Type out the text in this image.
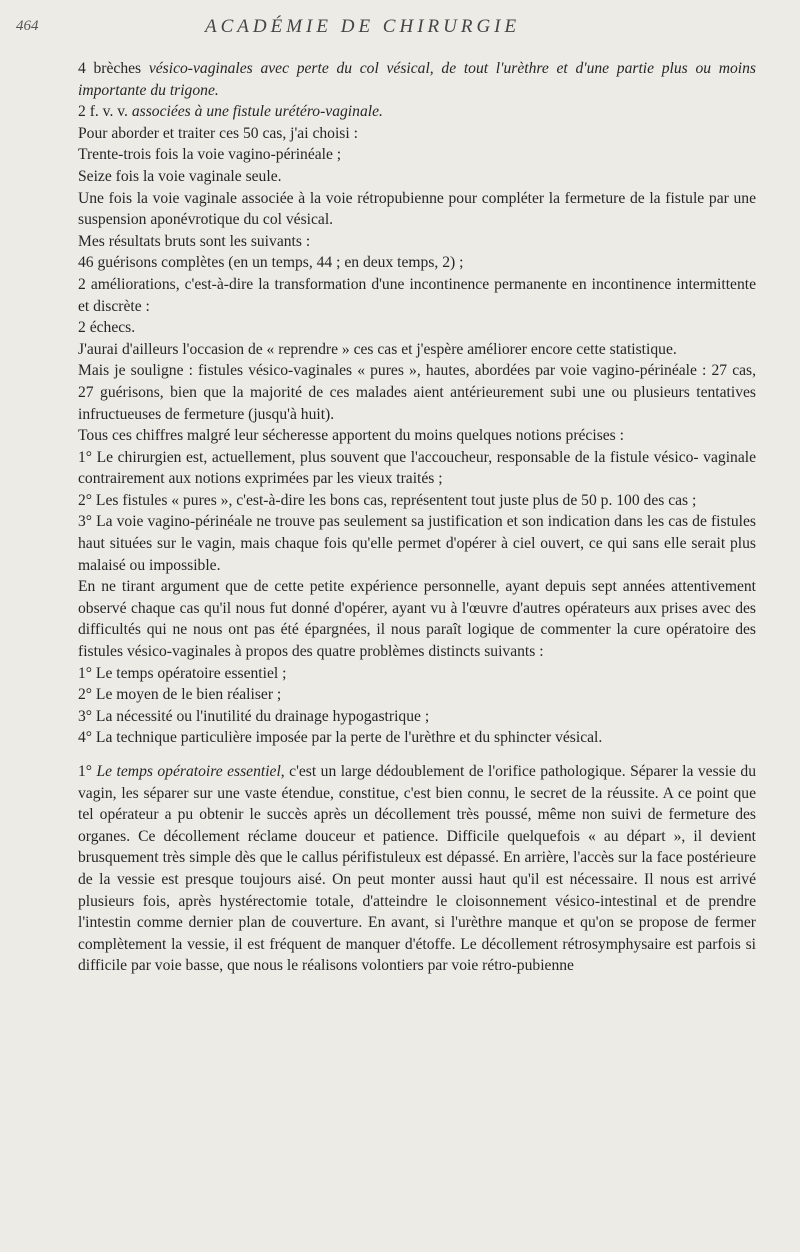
464	ACADÉMIE DE CHIRURGIE

4 brèches vésico-vaginales avec perte du col vésical, de tout l'urèthre et d'une partie plus ou moins importante du trigone.

2 f. v. v. associées à une fistule urétéro-vaginale.

Pour aborder et traiter ces 50 cas, j'ai choisi :

Trente-trois fois la voie vagino-périnéale ;

Seize fois la voie vaginale seule.

Une fois la voie vaginale associée à la voie rétropubienne pour compléter la fermeture de la fistule par une suspension aponévrotique du col vésical.

Mes résultats bruts sont les suivants :

46 guérisons complètes (en un temps, 44 ; en deux temps, 2) ;

2 améliorations, c'est-à-dire la transformation d'une incontinence permanente en incontinence intermittente et discrète :

2 échecs.

J'aurai d'ailleurs l'occasion de « reprendre » ces cas et j'espère améliorer encore cette statistique.

Mais je souligne : fistules vésico-vaginales « pures », hautes, abordées par voie vagino-périnéale : 27 cas, 27 guérisons, bien que la majorité de ces malades aient antérieurement subi une ou plusieurs tentatives infructueuses de fermeture (jusqu'à huit).

Tous ces chiffres malgré leur sécheresse apportent du moins quelques notions précises :

1° Le chirurgien est, actuellement, plus souvent que l'accoucheur, responsable de la fistule vésico- vaginale contrairement aux notions exprimées par les vieux traités ;

2° Les fistules « pures », c'est-à-dire les bons cas, représentent tout juste plus de 50 p. 100 des cas ;

3° La voie vagino-périnéale ne trouve pas seulement sa justification et son indication dans les cas de fistules haut situées sur le vagin, mais chaque fois qu'elle permet d'opérer à ciel ouvert, ce qui sans elle serait plus malaisé ou impossible.

En ne tirant argument que de cette petite expérience personnelle, ayant depuis sept années attentivement observé chaque cas qu'il nous fut donné d'opérer, ayant vu à l'œuvre d'autres opérateurs aux prises avec des difficultés qui ne nous ont pas été épargnées, il nous paraît logique de commenter la cure opératoire des fistules vésico-vaginales à propos des quatre problèmes distincts suivants :

1° Le temps opératoire essentiel ;

2° Le moyen de le bien réaliser ;

3° La nécessité ou l'inutilité du drainage hypogastrique ;

4° La technique particulière imposée par la perte de l'urèthre et du sphincter vésical.

1° Le temps opératoire essentiel, c'est un large dédoublement de l'orifice pathologique. Séparer la vessie du vagin, les séparer sur une vaste étendue, constitue, c'est bien connu, le secret de la réussite. A ce point que tel opérateur a pu obtenir le succès après un décollement très poussé, même non suivi de fermeture des organes. Ce décollement réclame douceur et patience. Difficile quelquefois « au départ », il devient brusquement très simple dès que le callus périfistuleux est dépassé. En arrière, l'accès sur la face postérieure de la vessie est presque toujours aisé. On peut monter aussi haut qu'il est nécessaire. Il nous est arrivé plusieurs fois, après hystérectomie totale, d'atteindre le cloisonnement vésico-intestinal et de prendre l'intestin comme dernier plan de couverture. En avant, si l'urèthre manque et qu'on se propose de fermer complètement la vessie, il est fréquent de manquer d'étoffe. Le décollement rétrosymphysaire est parfois si difficile par voie basse, que nous le réalisons volontiers par voie rétro-pubienne
